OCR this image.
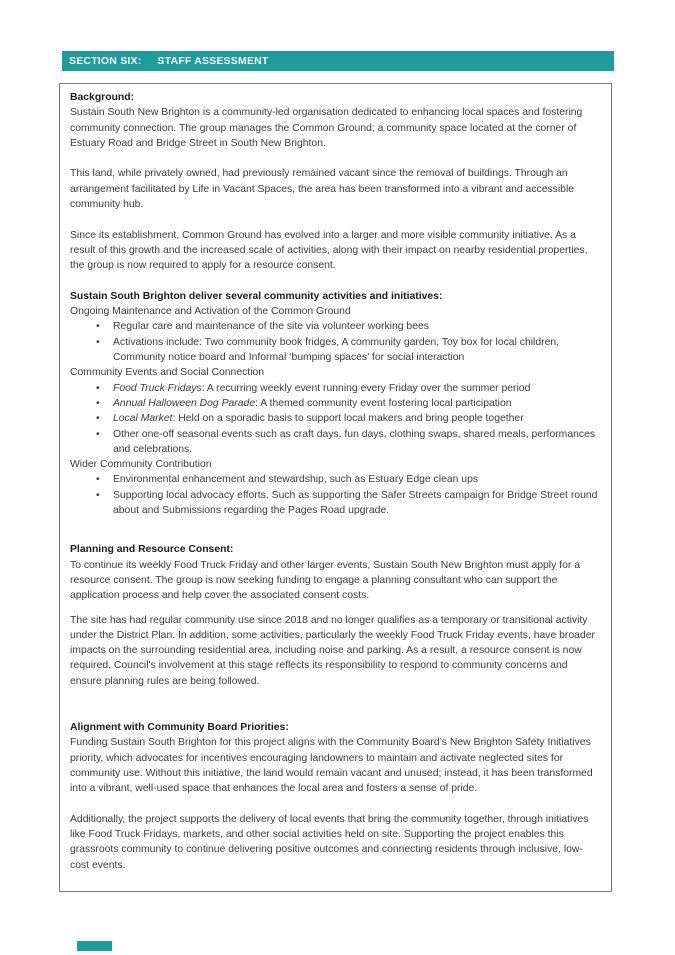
SECTION SIX: STAFF ASSESSMENT

Background:

Sustain South New Brighton is a community-led organisation dedicated to enhancing local spaces and fostering community connection. The group manages the Common Ground; a community space located at the corner of Estuary Road and Bridge Street in South New Brighton.

This land, while privately owned, had previously remained vacant since the removal of buildings. Through an arrangement facilitated by Life in Vacant Spaces, the area has been transformed into a vibrant and accessible community hub.

Since its establishment, Common Ground has evolved into a larger and more visible community initiative. As a result of this growth and the increased scale of activities, along with their impact on nearby residential properties, the group is now required to apply for a resource consent.

Sustain South Brighton deliver several community activities and initiatives:

Ongoing Maintenance and Activation of the Common Ground

•	Regular care and maintenance of the site via volunteer working bees
•	Activations include: Two community book fridges, A community garden, Toy box for local children, Community notice board and Informal ‘bumping spaces’ for social interaction

Community Events and Social Connection

•	Food Truck Fridays: A recurring weekly event running every Friday over the summer period
•	Annual Halloween Dog Parade: A themed community event fostering local participation
•	Local Market: Held on a sporadic basis to support local makers and bring people together
•	Other one-off seasonal events such as craft days, fun days, clothing swaps, shared meals, performances and celebrations.

Wider Community Contribution

•	Environmental enhancement and stewardship, such as Estuary Edge clean ups
•	Supporting local advocacy efforts. Such as supporting the Safer Streets campaign for Bridge Street round about and Submissions regarding the Pages Road upgrade.

Planning and Resource Consent:

To continue its weekly Food Truck Friday and other larger events, Sustain South New Brighton must apply for a resource consent. The group is now seeking funding to engage a planning consultant who can support the application process and help cover the associated consent costs.

The site has had regular community use since 2018 and no longer qualifies as a temporary or transitional activity under the District Plan. In addition, some activities, particularly the weekly Food Truck Friday events, have broader impacts on the surrounding residential area, including noise and parking. As a result, a resource consent is now required. Council's involvement at this stage reflects its responsibility to respond to community concerns and ensure planning rules are being followed.

Alignment with Community Board Priorities:

Funding Sustain South Brighton for this project aligns with the Community Board’s New Brighton Safety Initiatives priority, which advocates for incentives encouraging landowners to maintain and activate neglected sites for community use. Without this initiative, the land would remain vacant and unused; instead, it has been transformed into a vibrant, well-used space that enhances the local area and fosters a sense of pride.

Additionally, the project supports the delivery of local events that bring the community together, through initiatives like Food Truck Fridays, markets, and other social activities held on site. Supporting the project enables this grassroots community to continue delivering positive outcomes and connecting residents through inclusive, low-cost events.
